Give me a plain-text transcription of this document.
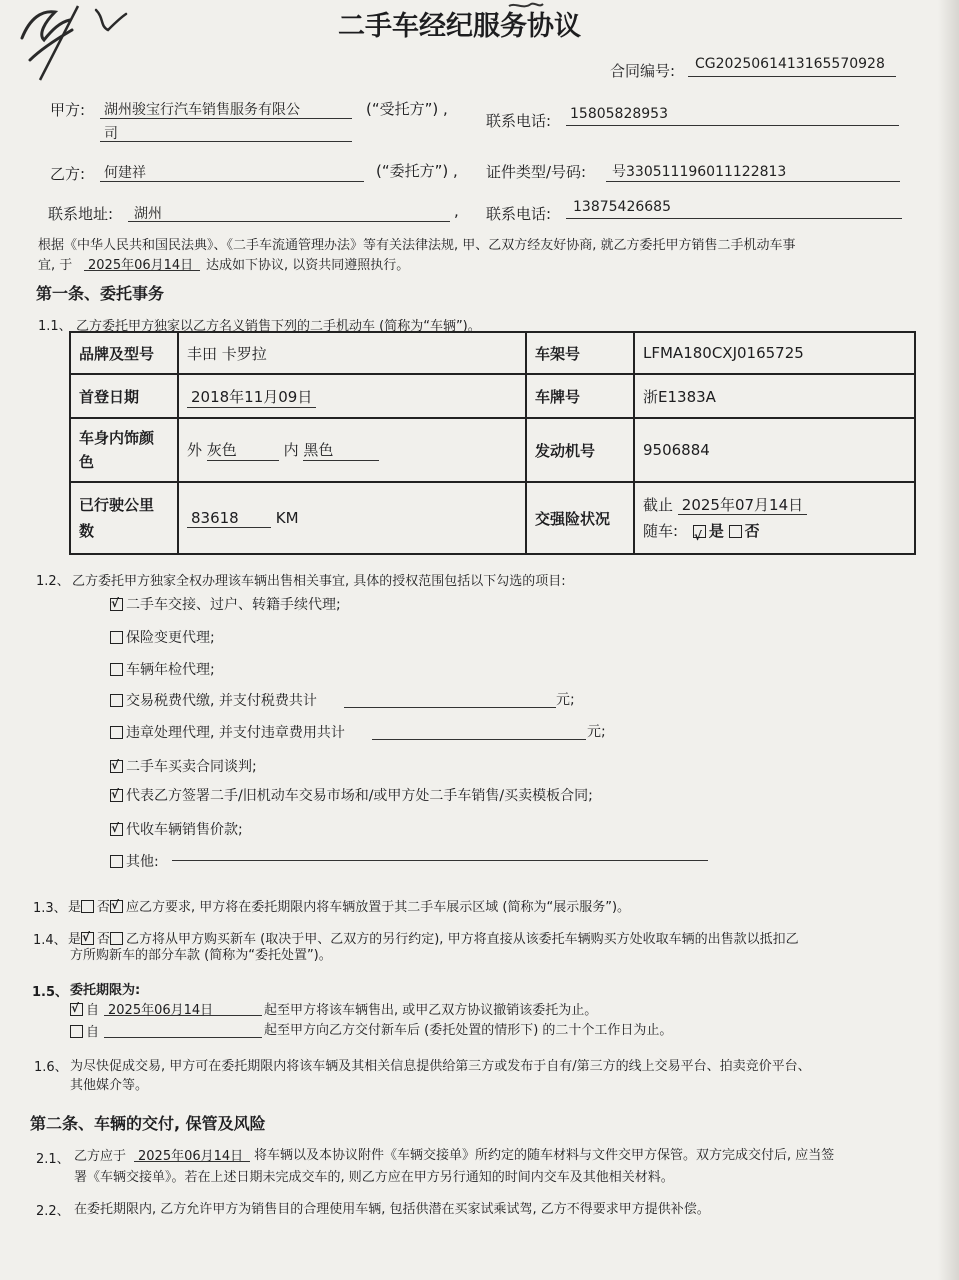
二手车经纪服务协议
合同编号: CG20250614131655709​28
甲方: 湖州骏宝行汽车销售服务有限公
司
(“受托方”) ,
联系电话: 15805828953
乙方: 何建祥	(“委托方”) , 证件类型/号码: 号330511196011122813
联系地址: 湖州	, 联系电话: 13875426685
根据《中华人民共和国民法典》、《二手车流通管理办法》等有关法律法规, 甲、乙双方经友好协商, 就乙方委托甲方销售二手机动车事
宜, 于 2025年06月14日 达成如下协议, 以资共同遵照执行。
第一条、委托事务
1.1、 乙方委托甲方独家以乙方名义销售下列的二手机动车 (简称为“车辆”)。
品牌及型号	丰田 卡罗拉	车架号	LFMA180CXJ0165725
首登日期	2018年11月09日	车牌号	浙E1383A
车身内饰颜
色	外 灰色 内 黑色	发动机号	9506884
已行驶公里
数	83618 KM	交强险状况	截止 2025年07月14日
随车: √ 是 否
1.2、 乙方委托甲方独家全权办理该车辆出售相关事宜, 具体的授权范围包括以下勾选的项目:
√二手车交接、过户、转籍手续代理;
保险变更代理;
车辆年检代理;
交易税费代缴, 并支付税费共计	元;
违章处理代理, 并支付违章费用共计	元;
√二手车买卖合同谈判;
√代表乙方签署二手/旧机动车交易市场和/或甲方处二手车销售/买卖模板合同;
√代收车辆销售价款;
其他:
1.3、 是 否 √ 应乙方要求, 甲方将在委托期限内将车辆放置于其二手车展示区域 (简称为“展示服务”)。
1.4、 是 √ 否 乙方将从甲方购买新车 (取决于甲、乙双方的另行约定), 甲方将直接从该委托车辆购买方处收取车辆的出售款以抵扣乙
方所购新车的部分车款 (简称为“委托处置”)。
1.5、 委托期限为:
√自 2025年06月14日	起至甲方将该车辆售出, 或甲乙双方协议撤销该委托为止。
自	起至甲方向乙方交付新车后 (委托处置的情形下) 的二十个工作日为止。
1.6、 为尽快促成交易, 甲方可在委托期限内将该车辆及其相关信息提供给第三方或发布于自有/第三方的线上交易平台、拍卖竞价平台、
其他媒介等。
第二条、车辆的交付, 保管及风险
2.1、 乙方应于 2025年06月14日 将车辆以及本协议附件《车辆交接单》所约定的随车材料与文件交甲方保管。双方完成交付后, 应当签
署《车辆交接单》。若在上述日期未完成交车的, 则乙方应在甲方另行通知的时间内交车及其他相关材料。
2.2、 在委托期限内, 乙方允许甲方为销售目的合理使用车辆, 包括供潜在买家试乘试驾, 乙方不得要求甲方提供补偿。
